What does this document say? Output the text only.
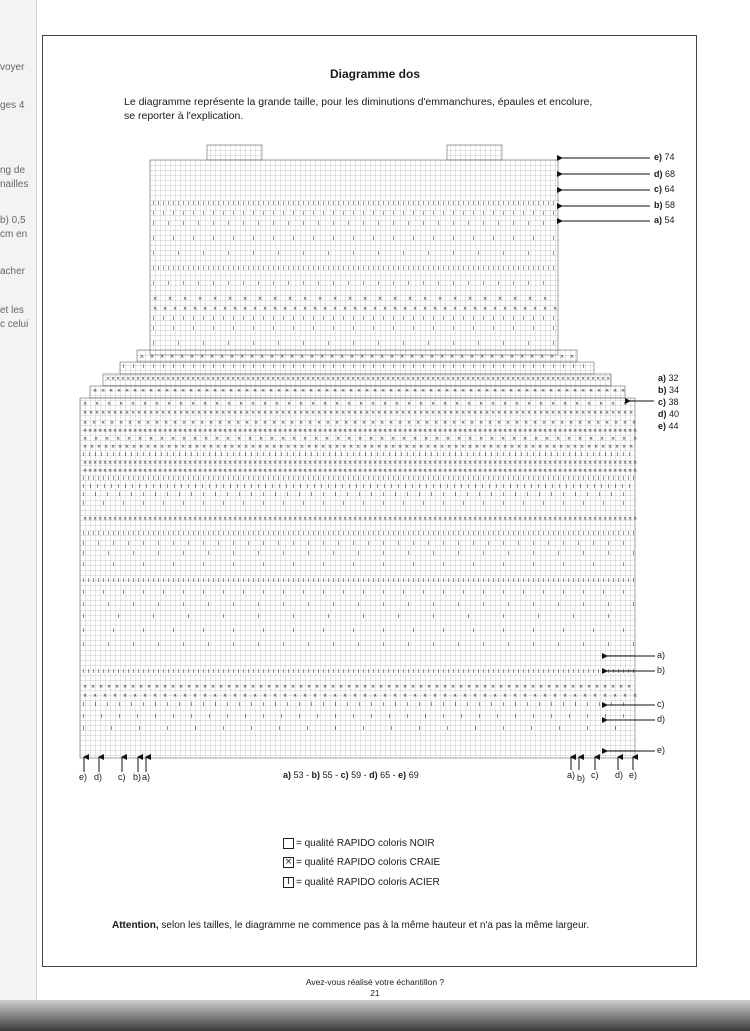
voyer
ges 4
ng de
nailles
b) 0,5
cm en
acher
et les
c celui
Diagramme dos
Le diagramme représente la grande taille, pour les diminutions d'emmanchures, épaules et encolure, se reporter à l'explication.
I I I I I I I I I I I I I I I I I I I I I I I I I I I I I I I I I I I I I I I I I I I I I I I I I I I I I I I I I I I I I I I I I I I I I I I I I I I I I I I I I
I I I I I I I I I I I I I I I I I I I I I I I I I I I I I I I I I I I I I I I I I
I	I	I	I	I	I	I	I	I	I	I	I	I	I	I	I	I	I	I	I	I	I	I	I	I	I	I
I	I	I	I	I	I	I	I	I	I	I	I	I	I	I	I	I	I	I	I	I
I	I	I	I	I	I	I	I	I	I	I	I	I	I	I	I	I
I I I I I I I I I I I I I I I I I I I I I I I I I I I I I I I I I I I I I I I I I I I I I I I I I I I I I I I I I I I I I I I I I I I I I I I I I I I I I I I I I
I	I	I	I	I	I	I	I	I	I	I	I	I	I	I	I	I	I	I	I	I	I	I	I	I	I	I
× × × × × × × × × × × × × × × × × × × × × × × × × × ×
× × × × × × × × × × × × × × × × × × × × × × × × × × × × × × × × × × × × × × × × ×
I I I I I I I I I I I I I I I I I I I I I I I I I I I I I I I I I I I I I I I I I
I	I	I	I	I	I	I	I	I	I	I	I	I	I	I	I	I	I	I	I	I
I	I	I	I	I	I	I	I	I	I	I	I	I	I	I	I	I
× × × × × × × × × × × × × × × × × × × × × × × × × × × × × × × × × × × × × × × × × × × ×
I I I I I I I I I I I I I I I I I I I I I I I I I I I I I I I I I I I I I I I I I I I I I I I
× × × × × × × × × × × × × × × × × × × × × × × × × × × × × × × × × × × × × × × × × × × × × × × × × × × × × × × × × × × × × × × × × × × × × × × × × × × × × × × × × × × × × × × × × × × × × × × × × × × × ×
× × × × × × × × × × × × × × × × × × × × × × × × × × × × × × × × × × × × × × × × × × × × × × × × × × × × × × × × × × × × × × × × × × ×
× × × × × × × × × × × × × × × × × × × × × × × × × × × × × × × × × × × × × × × × × × × × × ×
× × × × × × × × × × × × × × × × × × × × × × × × × × × × × × × × × × × × × × × × × × × × × × × × × × × × × × × × × × × × × × × × × × × × × × × × × × × × × × × × × × × × × × × × × × × ×
× × × × × × × × × × × × × × × × × × × × × × × × × × × × × × × × × × × × × × × × × × × × × × × × × × × × × × × × × × × × × ×
× × × × × × × × × × × × × × × × × × × × × × × × × × × × × × × × × × × × × × × × × × × × × × × × × × × × × × × × × × × × × × × × × × × × × × × × × × × × × × × × × × × × × × × × × × × × × × × × × × × × × × × × × × × × × × ×
× × × × × × × × × × × × × × × × × × × × × × × × × × × × × × × × × × × × × × × × × × × × × × × × × × ×
× × × × × × × × × × × × × × × × × × × × × × × × × × × × × × × × × × × × × × × × × × × × × × × × × × × × × × × × × × × × × × × × × × × × × × × × × × × × × × ×
I I I I I I I I I I I I I I I I I I I I I I I I I I I I I I I I I I I I I I I I I I I I I I I I I I I I I I I I I I I I I I I I I I I I I I I I I I I I I I I I I I I I I I I I I I I I
× × × × × × × × × × × × × × × × × × × × × × × × × × × × × × × × × × × × × × × × × × × × × × × × × × × × × × × × × × × × × × × × × × × × × × × × × × × × × × × × × × × × × × × × × × × × × × × × × × × × × × × × × × × × × × ×
× × × × × × × × × × × × × × × × × × × × × × × × × × × × × × × × × × × × × × × × × × × × × × × × × × × × × × × × × × × × × × × × × × × × × × × × × × × × × × × × × × × × × × × × × × × × × × × × × × × × × × × × × × × × × × ×
I I I I I I I I I I I I I I I I I I I I I I I I I I I I I I I I I I I I I I I I I I I I I I I I I I I I I I I I I I I I I I I I I I I I I I I I I I I I I I I I I I I I I I I I I I I I I I I I I I I I I I I I I I I I I I I
I I I I I I I I I I I I I I I I I I I I I I I I I I I I I I I I I I I I I I I I I I I I I I I I I I I I I I I I I I I I I I I I I I I I I I I I I I I I I I I
I I I I I I I I I I I I I I I I I I I I I I I I I I I I I I I I I I I I I I I I I I I I I I
I	I	I	I	I	I	I	I	I	I	I	I	I	I	I	I	I	I	I	I	I	I	I	I	I	I	I	I
× × × × × × × × × × × × × × × × × × × × × × × × × × × × × × × × × × × × × × × × × × × × × × × × × × × × × × × × × × × × × × × × × × × × × × × × × × × × × × × × × × × × × × × × × × × × × × × × × × × × × × × × × × × × × × ×
I I I I I I I I I I I I I I I I I I I I I I I I I I I I I I I I I I I I I I I I I I I I I I I I I I I I I I I I I I I I I I I I I I I I I I I I I I I I I I I I I I I I I I I I I I I I I I I I I I I I I I I I I I I I I I I
I	I	I	I	I	I	I	I	I	I	I	I	I	I	I	I	I	I	I	I	I	I	I	I	I	I	I	I	I	I	I	I	I	I	I	I	I
I	I	I	I	I	I	I	I	I	I	I	I	I	I	I	I	I	I	I	I	I	I	I
I	I	I	I	I	I	I	I	I	I	I	I	I	I	I	I	I	I	I
I I I I I I I I I I I I I I I I I I I I I I I I I I I I I I I I I I I I I I I I I I I I I I I I I I I I I I I I I I I I I I I I I I I I I I I I I I I I I I I I I I I I I I I I I I I I I I I I I I I I I I I I I I I I I I I
I	I	I	I	I	I	I	I	I	I	I	I	I	I	I	I	I	I	I	I	I	I	I	I	I	I	I	I
I	I	I	I	I	I	I	I	I	I	I	I	I	I	I	I	I	I	I	I	I	I	I
I	I	I	I	I	I	I	I	I	I	I	I	I	I	I	I
I	I	I	I	I	I	I	I	I	I	I	I	I	I	I	I	I	I	I
I	I	I	I	I	I	I	I	I	I	I	I	I	I	I	I	I	I	I	I	I	I	I
I I I I I I I I I I I I I I I I I I I I I I I I I I I I I I I I I I I I I I I I I I I I I I I I I I I I I I I I I I I I I I I I I I I I I I I I I I I I I I I I I I I I I I I I I I I I I I I I I I I I I I I I I I I I I I I
× × × × × × × × × × × × × × × × × × × × × × × × × × × × × × × × × × × × × × × × × × × × × × × × × × × × × × × × × × × × × × × × × × × × ×
× × × × × × × × × × × × × × × × × × × × × × × × × × × × × × × × × × × × × × × × × × × × × × × × × × × × × × × ×
I I I I I I I I I I I I I I I I I I I I I I I I I I I I I I I I I I I I I I I I I I I I
I	I	I	I	I	I	I	I	I	I	I	I	I	I	I	I	I	I	I	I	I	I	I	I	I	I	I	I	I	I	I
I	I	I	I	I	I	I	I	I	I	I	I	I	I	I	I	I	I	I	I
e) 74
d) 68
c) 64
b) 58
a) 54
a) 32
b) 34
c) 38
d) 40
e) 44
a)
b)
c)
d)
e)
e) d) c) b) a)	a) b) c) d) e)
a) 53 - b) 55 - c) 59 - d) 65 - e) 69
= qualité RAPIDO coloris NOIR
× = qualité RAPIDO coloris CRAIE
I = qualité RAPIDO coloris ACIER
Attention, selon les tailles, le diagramme ne commence pas à la même hauteur et n'a pas la même largeur.
Avez-vous réalisé votre échantillon ?
21
